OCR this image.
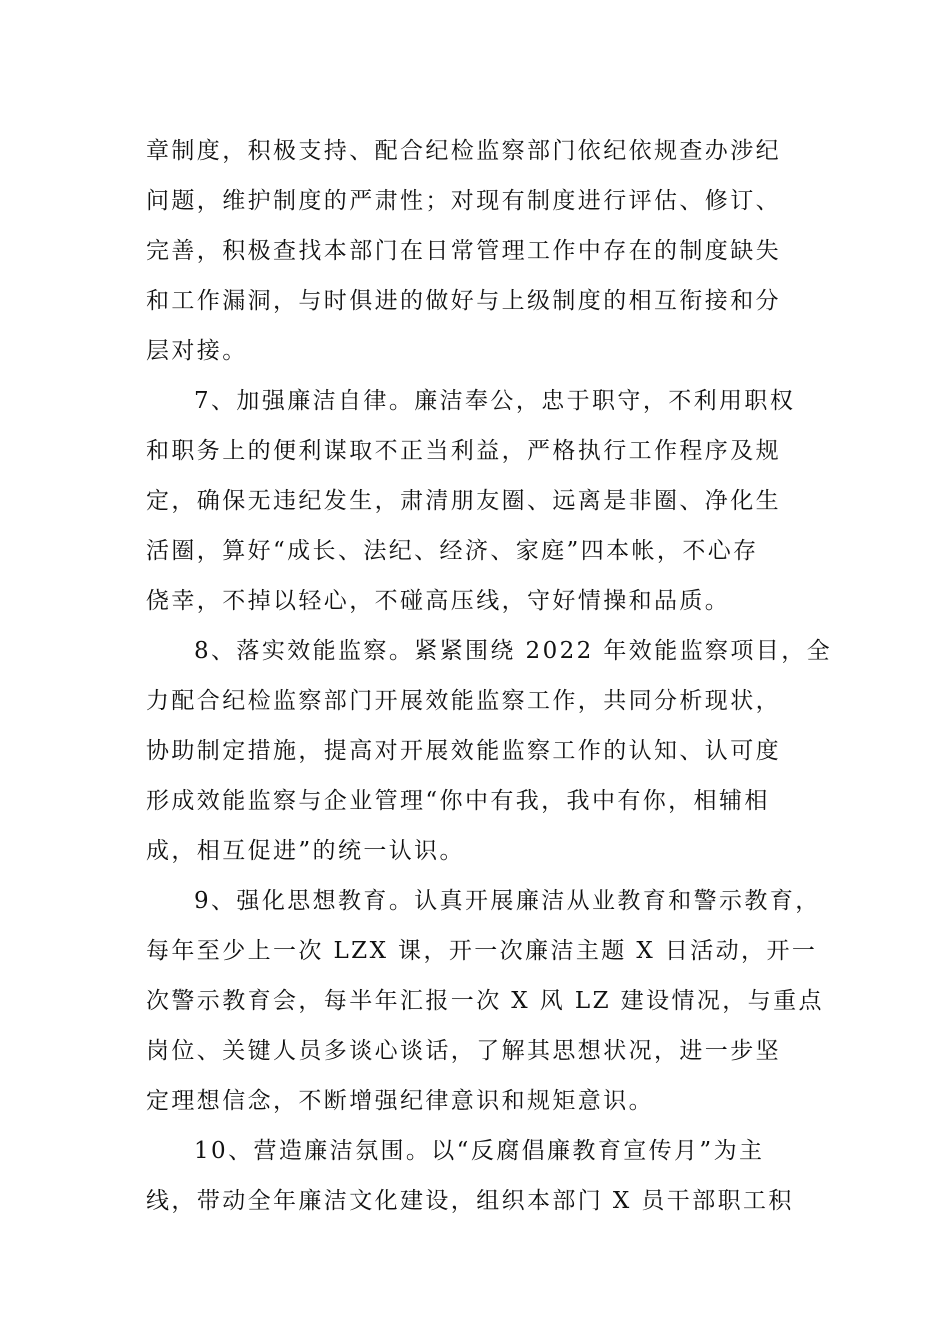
章制度，积极支持、配合纪检监察部门依纪依规查办涉纪
问题，维护制度的严肃性；对现有制度进行评估、修订、
完善，积极查找本部门在日常管理工作中存在的制度缺失
和工作漏洞，与时俱进的做好与上级制度的相互衔接和分
层对接。

7、加强廉洁自律。廉洁奉公，忠于职守，不利用职权
和职务上的便利谋取不正当利益，严格执行工作程序及规
定，确保无违纪发生，肃清朋友圈、远离是非圈、净化生
活圈，算好“成长、法纪、经济、家庭”四本帐，不心存
侥幸，不掉以轻心，不碰高压线，守好情操和品质。

8、落实效能监察。紧紧围绕 2022 年效能监察项目，全
力配合纪检监察部门开展效能监察工作，共同分析现状，
协助制定措施，提高对开展效能监察工作的认知、认可度
形成效能监察与企业管理“你中有我，我中有你，相辅相
成，相互促进”的统一认识。

9、强化思想教育。认真开展廉洁从业教育和警示教育，
每年至少上一次 LZX 课，开一次廉洁主题 X 日活动，开一
次警示教育会，每半年汇报一次 X 风 LZ 建设情况，与重点
岗位、关键人员多谈心谈话，了解其思想状况，进一步坚
定理想信念，不断增强纪律意识和规矩意识。

10、营造廉洁氛围。以“反腐倡廉教育宣传月”为主
线，带动全年廉洁文化建设，组织本部门 X 员干部职工积
